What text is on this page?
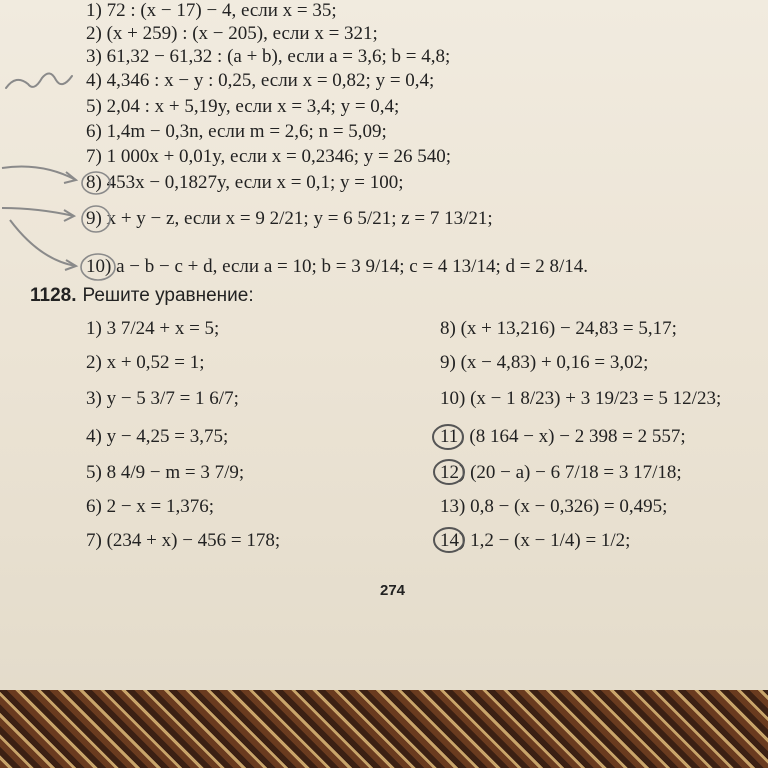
1) 72 : (x − 17) − 4, если x = 35;
2) (x + 259) : (x − 205), если x = 321;
3) 61,32 − 61,32 : (a + b), если a = 3,6; b = 4,8;
4) 4,346 : x − y : 0,25, если x = 0,82; y = 0,4;
5) 2,04 : x + 5,19y, если x = 3,4; y = 0,4;
6) 1,4m − 0,3n, если m = 2,6; n = 5,09;
7) 1 000x + 0,01y, если x = 0,2346; y = 26 540;
8) 453x − 0,1827y, если x = 0,1; y = 100;
9) x + y − z, если x = 9 2/21; y = 6 5/21; z = 7 13/21;
10) a − b − c + d, если a = 10; b = 3 9/14; c = 4 13/14; d = 2 8/14.
1128. Решите уравнение:
1) 3 7/24 + x = 5;
2) x + 0,52 = 1;
3) y − 5 3/7 = 1 6/7;
4) y − 4,25 = 3,75;
5) 8 4/9 − m = 3 7/9;
6) 2 − x = 1,376;
7) (234 + x) − 456 = 178;
8) (x + 13,216) − 24,83 = 5,17;
9) (x − 4,83) + 0,16 = 3,02;
10) (x − 1 8/23) + 3 19/23 = 5 12/23;
11) (8 164 − x) − 2 398 = 2 557;
12) (20 − a) − 6 7/18 = 3 17/18;
13) 0,8 − (x − 0,326) = 0,495;
14) 1,2 − (x − 1/4) = 1/2;
274
